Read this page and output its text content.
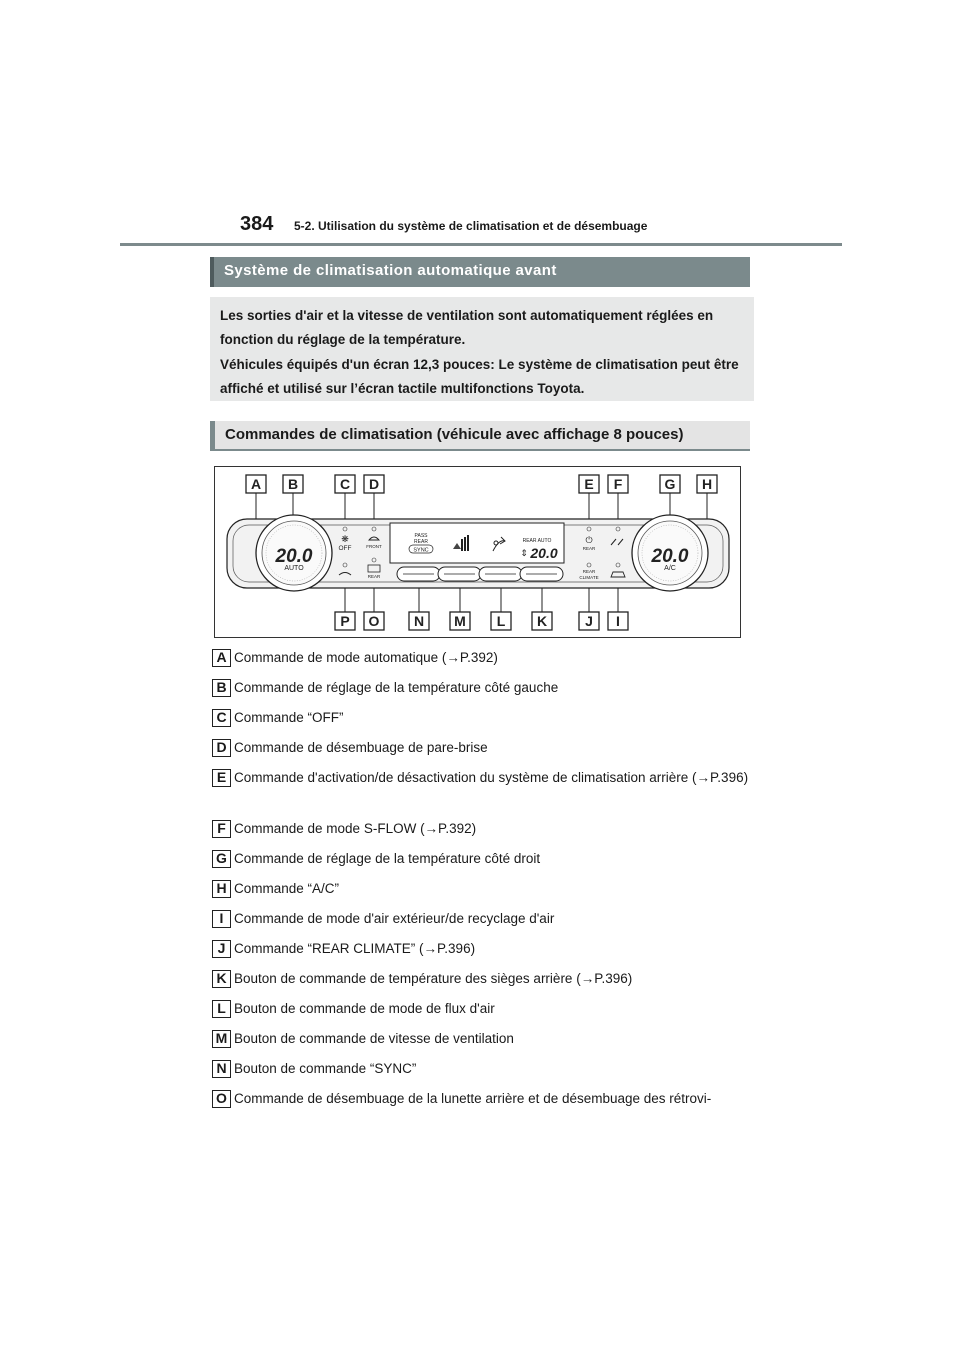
384 5-2. Utilisation du système de climatisation et de désembuage
Système de climatisation automatique avant

Les sorties d'air et la vitesse de ventilation sont automatiquement réglées en fonction du réglage de la température.

Véhicules équipés d'un écran 12,3 pouces: Le système de climatisation peut être affiché et utilisé sur l’écran tactile multifonctions Toyota.

Commandes de climatisation (véhicule avec affichage 8 pouces)
20.0
AUTO
20.0
A/C
❋
OFF	FRONT
REAR
PASS
REAR
SYNC
REAR AUTO
⇕ 20.0
⏻
REAR
REAR
CLIMATE
A B	C D	E F	G H
P O N M L K	J I
A Commande de mode automatique (→P.392)
B Commande de réglage de la température côté gauche
C Commande “OFF”
D Commande de désembuage de pare-brise
E Commande d'activation/de désactivation du système de climatisation arrière (→P.396)
F Commande de mode S-FLOW (→P.392)
G Commande de réglage de la température côté droit
H Commande “A/C”
I Commande de mode d'air extérieur/de recyclage d'air
J Commande “REAR CLIMATE” (→P.396)
K Bouton de commande de température des sièges arrière (→P.396)
L Bouton de commande de mode de flux d'air
M Bouton de commande de vitesse de ventilation
N Bouton de commande “SYNC”
O Commande de désembuage de la lunette arrière et de désembuage des rétrovi-
